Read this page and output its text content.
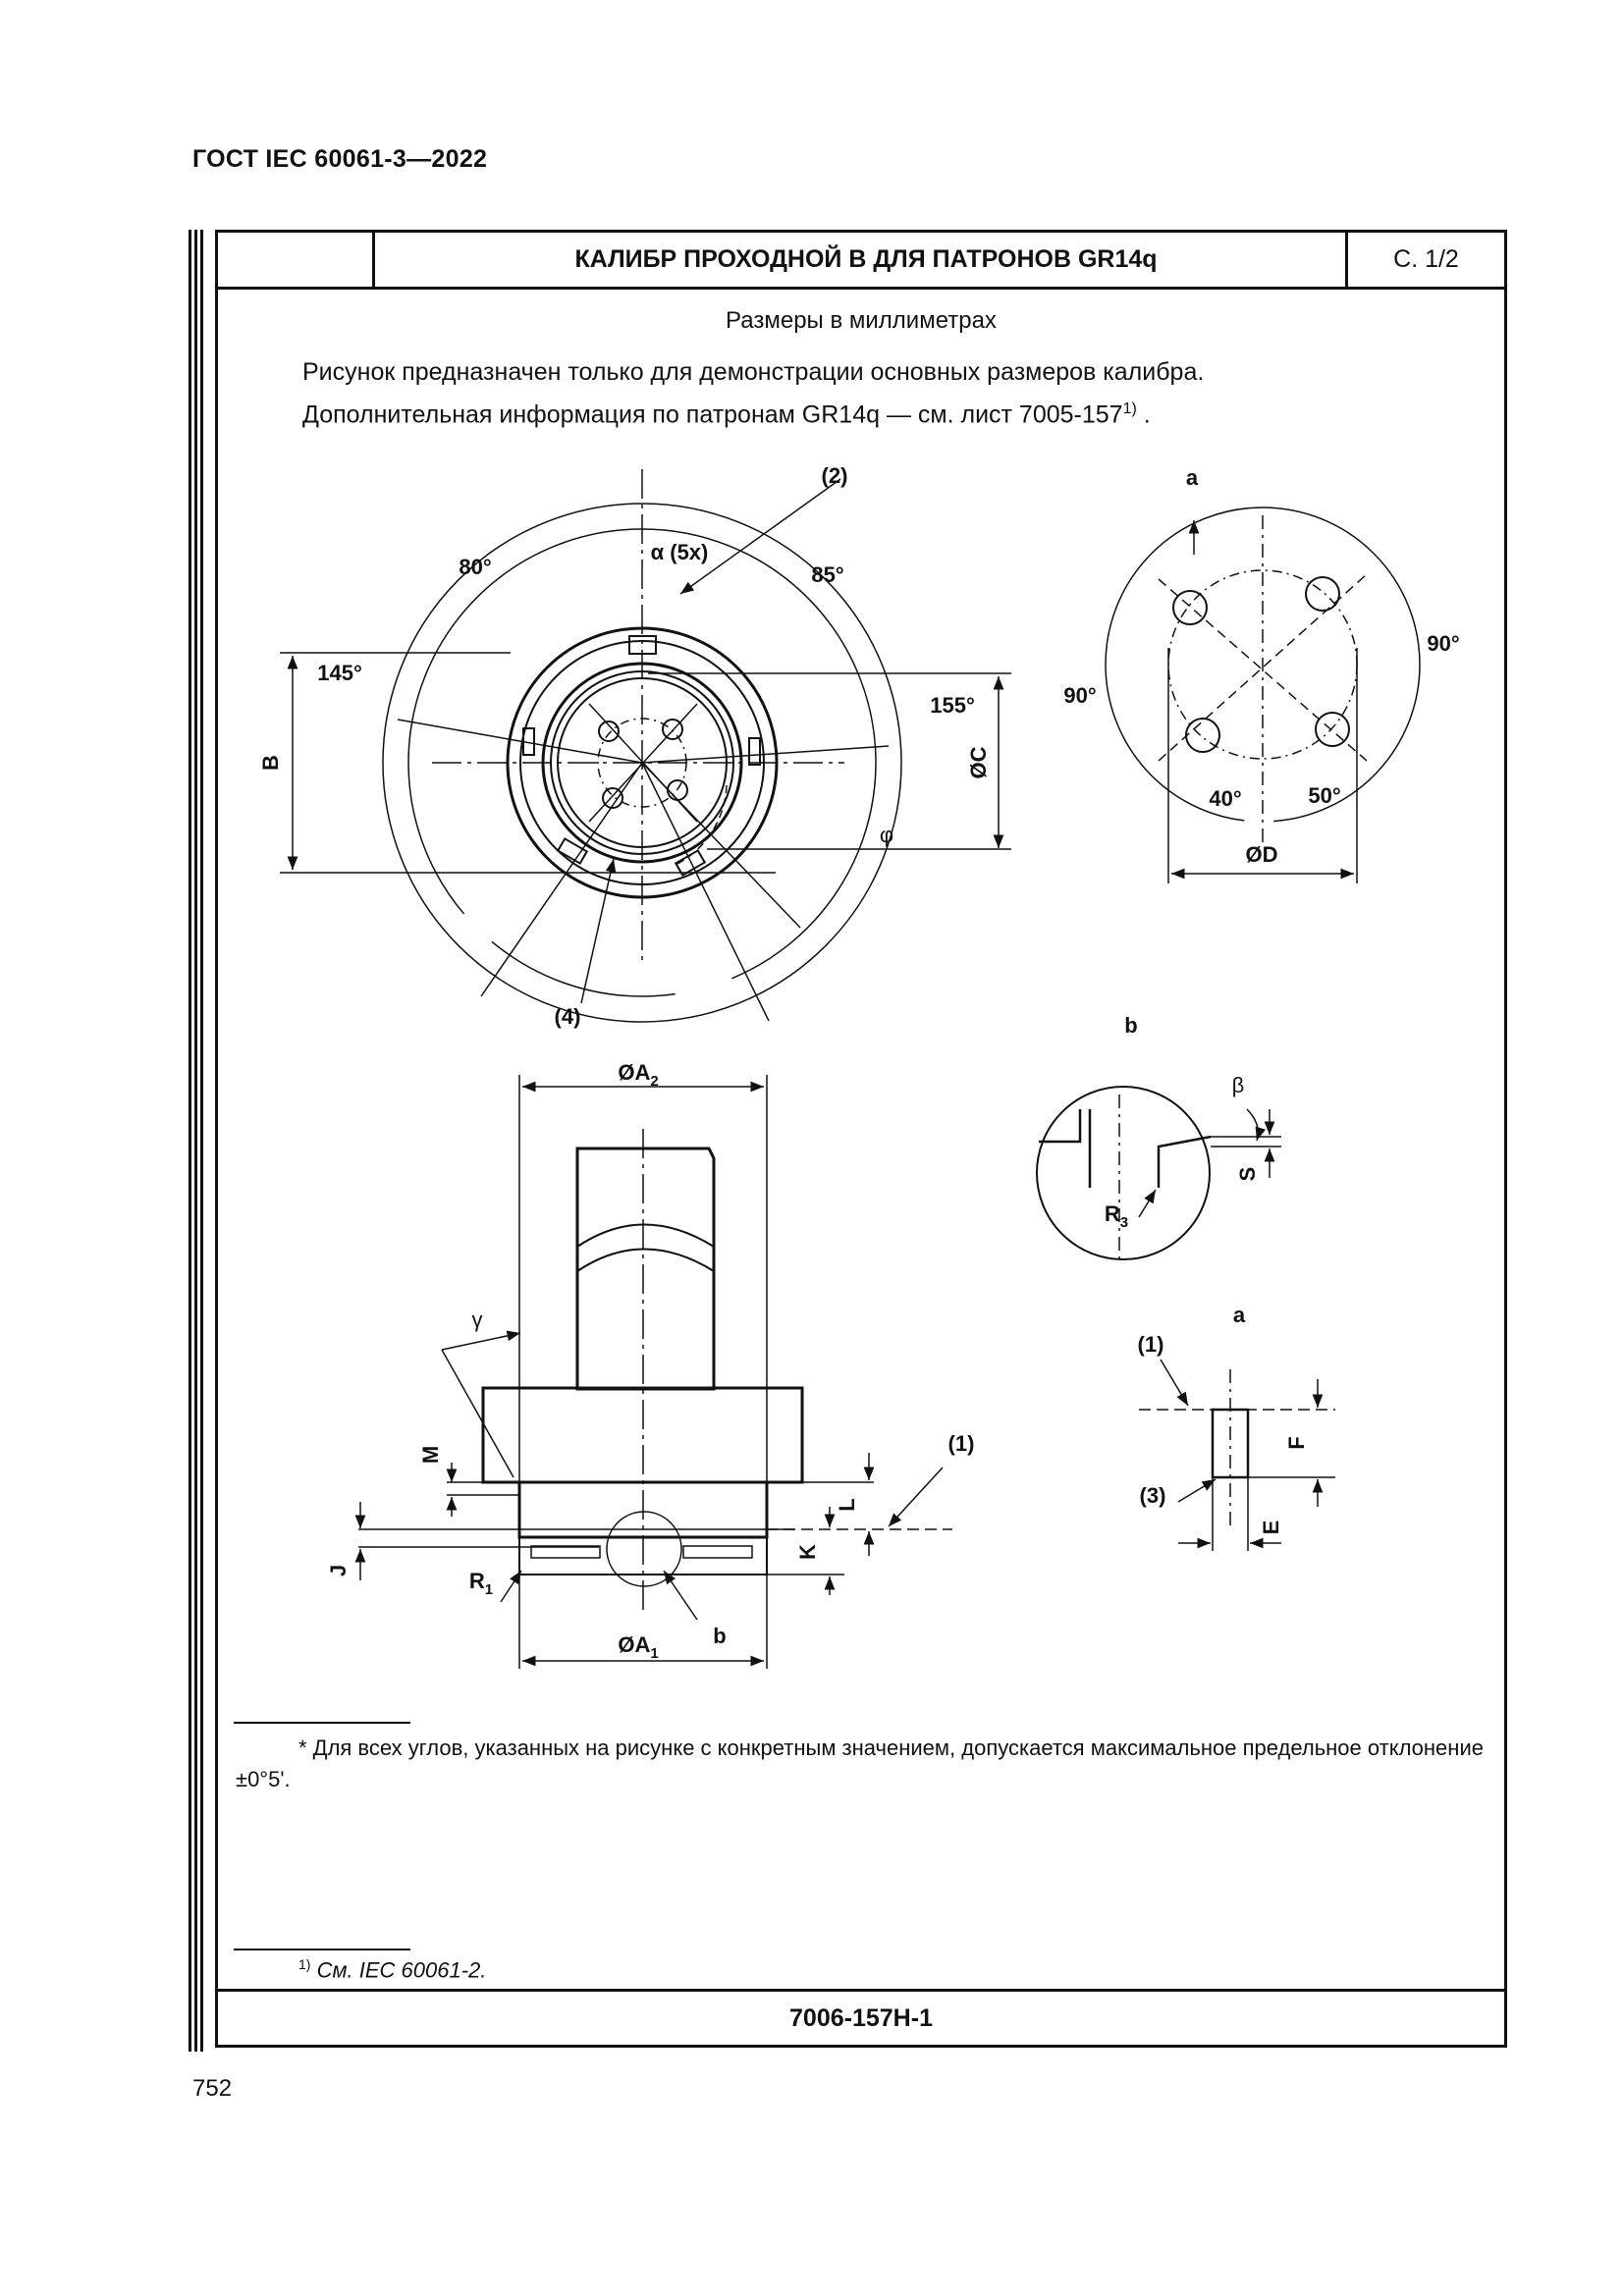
ГОСТ IEC 60061-3—2022
КАЛИБР ПРОХОДНОЙ В ДЛЯ ПАТРОНОВ GR14q	С. 1/2
Размеры в миллиметрах
Рисунок предназначен только для демонстрации основных размеров калибра.
Дополнительная информация по патронам GR14q — см. лист 7005-157$^{1)}$ .
7006-157H-1
(2)
(4)
α (5x)
80°	85°
145°
155°
B	ØC
φ
a
90°
90°
40°	50°
ØD
$ØA_2$
$ØA_1$
γ
M
L
K
J	$R_1$
b
(1)
b
β
S
$R_3$
a
(1)
(3)
F
E
* Для всех углов, указанных на рисунке с конкретным значением, допускается максимальное предельное отклонение ±0°5'.
$^{1)}$ См. IEC 60061-2.
752
